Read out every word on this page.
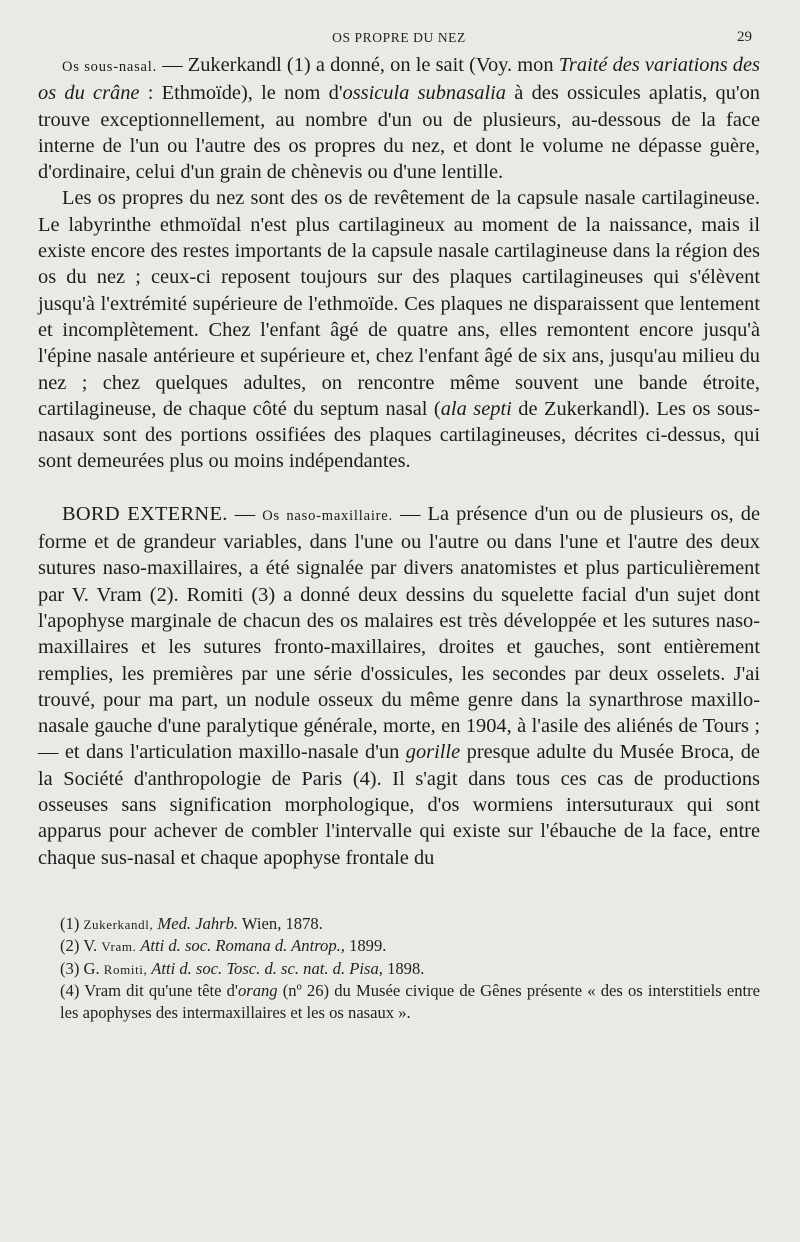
OS PROPRE DU NEZ	29

Os sous-nasal. — Zukerkandl (1) a donné, on le sait (Voy. mon Traité des variations des os du crâne : Ethmoïde), le nom d'ossicula subnasalia à des ossicules aplatis, qu'on trouve exceptionnellement, au nombre d'un ou de plusieurs, au-dessous de la face interne de l'un ou l'autre des os propres du nez, et dont le volume ne dépasse guère, d'ordinaire, celui d'un grain de chènevis ou d'une lentille.

Les os propres du nez sont des os de revêtement de la capsule nasale cartilagineuse. Le labyrinthe ethmoïdal n'est plus cartilagineux au moment de la naissance, mais il existe encore des restes importants de la capsule nasale cartilagineuse dans la région des os du nez ; ceux-ci reposent toujours sur des plaques cartilagineuses qui s'élèvent jusqu'à l'extrémité supérieure de l'ethmoïde. Ces plaques ne disparaissent que lentement et incomplètement. Chez l'enfant âgé de quatre ans, elles remontent encore jusqu'à l'épine nasale antérieure et supérieure et, chez l'enfant âgé de six ans, jusqu'au milieu du nez ; chez quelques adultes, on rencontre même souvent une bande étroite, cartilagineuse, de chaque côté du septum nasal (ala septi de Zukerkandl). Les os sous-nasaux sont des portions ossifiées des plaques cartilagineuses, décrites ci-dessus, qui sont demeurées plus ou moins indépendantes.

BORD EXTERNE. — Os naso-maxillaire. — La présence d'un ou de plusieurs os, de forme et de grandeur variables, dans l'une ou l'autre ou dans l'une et l'autre des deux sutures naso-maxillaires, a été signalée par divers anatomistes et plus particulièrement par V. Vram (2). Romiti (3) a donné deux dessins du squelette facial d'un sujet dont l'apophyse marginale de chacun des os malaires est très développée et les sutures naso-maxillaires et les sutures fronto-maxillaires, droites et gauches, sont entièrement remplies, les premières par une série d'ossicules, les secondes par deux osselets. J'ai trouvé, pour ma part, un nodule osseux du même genre dans la synarthrose maxillo-nasale gauche d'une paralytique générale, morte, en 1904, à l'asile des aliénés de Tours ; — et dans l'articulation maxillo-nasale d'un gorille presque adulte du Musée Broca, de la Société d'anthropologie de Paris (4). Il s'agit dans tous ces cas de productions osseuses sans signification morphologique, d'os wormiens intersuturaux qui sont apparus pour achever de combler l'intervalle qui existe sur l'ébauche de la face, entre chaque sus-nasal et chaque apophyse frontale du

(1) Zukerkandl, Med. Jahrb. Wien, 1878.

(2) V. Vram. Atti d. soc. Romana d. Antrop., 1899.

(3) G. Romiti, Atti d. soc. Tosc. d. sc. nat. d. Pisa, 1898.

(4) Vram dit qu'une tête d'orang (nº 26) du Musée civique de Gênes présente « des os interstitiels entre les apophyses des intermaxillaires et les os nasaux ».
